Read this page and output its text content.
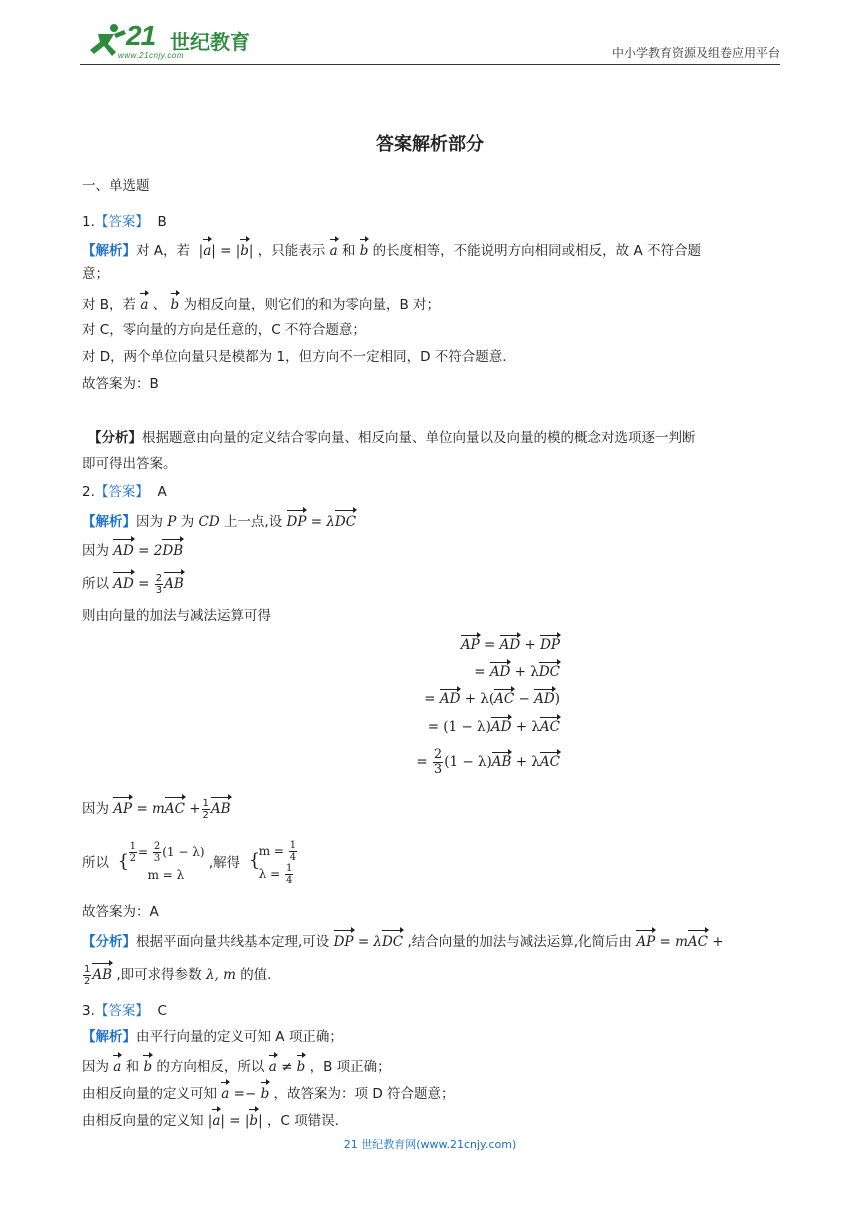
21 世纪教育
www.21cnjy.com	中小学教育资源及组卷应用平台
答案解析部分
一、单选题
1.【答案】 B
【解析】对 A，若 |a| = |b| ，只能表示 a 和 b 的长度相等，不能说明方向相同或相反，故 A 不符合题
意；
对 B，若 a 、 b 为相反向量，则它们的和为零向量，B 对；
对 C，零向量的方向是任意的，C 不符合题意；
对 D，两个单位向量只是模都为 1，但方向不一定相同，D 不符合题意.
故答案为：B
【分析】根据题意由向量的定义结合零向量、相反向量、单位向量以及向量的模的概念对选项逐一判断
即可得出答案。
2.【答案】 A
【解析】因为 P 为 CD 上一点,设 DP = λDC
因为 AD = 2DB
所以 AD = $\frac{2}{3}$ AB
则由向量的加法与减法运算可得
AP = AD + DP
= AD + λDC
= AD + λ(AC − AD)
= (1 − λ)AD + λAC
= $\frac{2}{3} (1 - \lambda)AB + \lambda AC$
因为 AP = mAC + $\frac{1}{2}$ AB
所以
{ $\frac{1}{2} = \frac{2}{3} (1 - \lambda)$
m = λ
,解得
{ $m = \frac{1}{4}$
$\lambda = \frac{1}{4}$
故答案为：A
【分析】根据平面向量共线基本定理,可设 DP = λDC ,结合向量的加法与减法运算,化简后由 AP = mAC +
$\frac{1}{2}$ AB ,即可求得参数 λ, m 的值.
3.【答案】 C
【解析】由平行向量的定义可知 A 项正确；
因为 a 和 b 的方向相反，所以 a ≠ b ，B 项正确；
由相反向量的定义可知 a =− b ，故答案为：项 D 符合题意；
由相反向量的定义知 |a| = |b| ，C 项错误.
21 世纪教育网(www.21cnjy.com)
